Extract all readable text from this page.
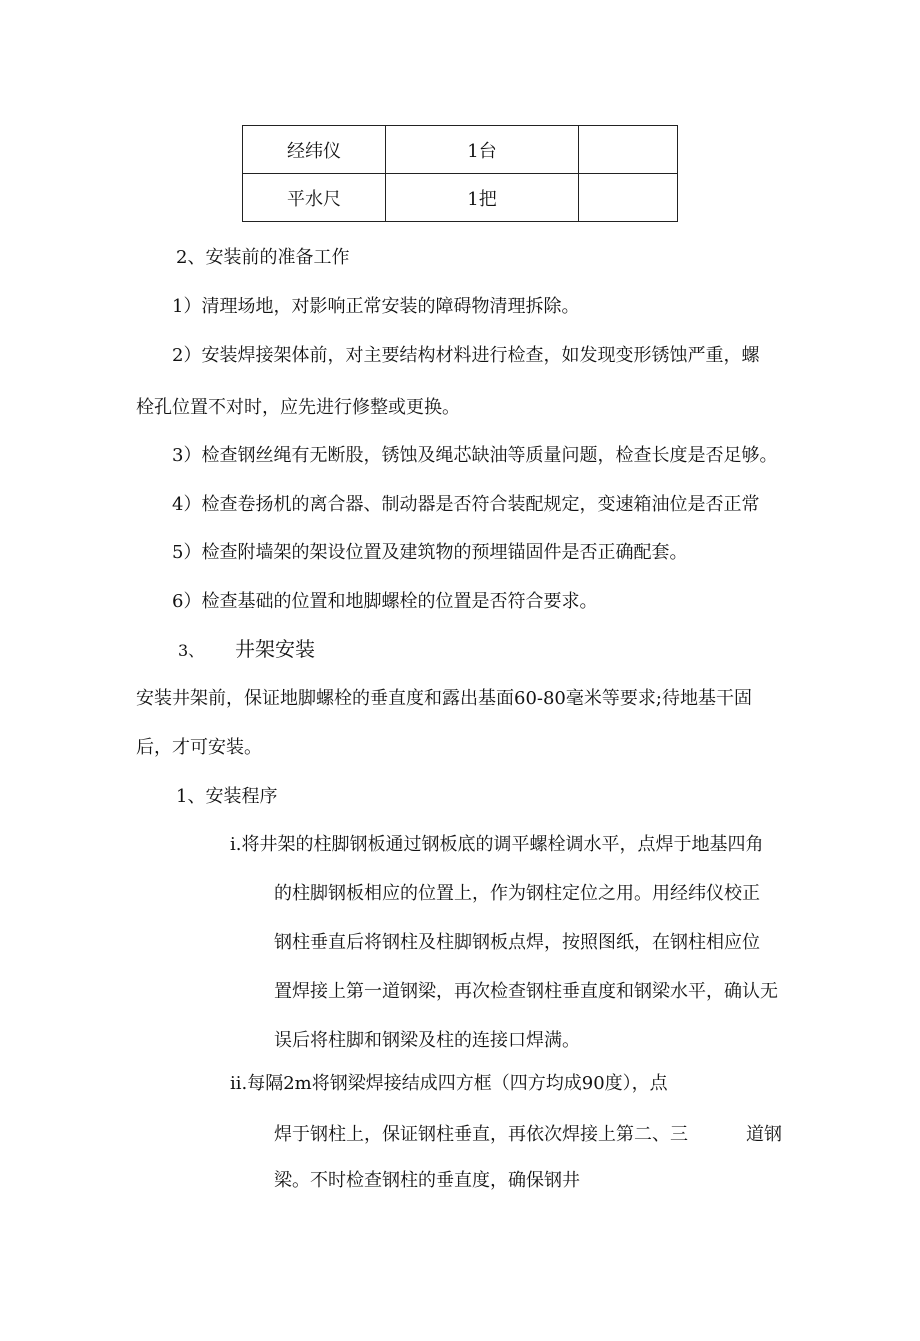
经纬仪	1台	
平水尺	1把	
2、安装前的准备工作
1）清理场地，对影响正常安装的障碍物清理拆除。
2）安装焊接架体前，对主要结构材料进行检查，如发现变形锈蚀严重，螺
栓孔位置不对时，应先进行修整或更换。
3）检查钢丝绳有无断股，锈蚀及绳芯缺油等质量问题，检查长度是否足够。
4）检查卷扬机的离合器、制动器是否符合装配规定，变速箱油位是否正常
5）检查附墙架的架设位置及建筑物的预埋锚固件是否正确配套。
6）检查基础的位置和地脚螺栓的位置是否符合要求。
3、 井架安装
安装井架前，保证地脚螺栓的垂直度和露出基面60-80毫米等要求;待地基干固
后，才可安装。
1、安装程序
i.将井架的柱脚钢板通过钢板底的调平螺栓调水平，点焊于地基四角
的柱脚钢板相应的位置上，作为钢柱定位之用。用经纬仪校正
钢柱垂直后将钢柱及柱脚钢板点焊，按照图纸，在钢柱相应位
置焊接上第一道钢梁，再次检查钢柱垂直度和钢梁水平，确认无
误后将柱脚和钢梁及柱的连接口焊满。
ii.每隔2m将钢梁焊接结成四方框（四方均成90度），点
焊于钢柱上，保证钢柱垂直，再依次焊接上第二、三	道钢
梁。不时检查钢柱的垂直度，确保钢井
